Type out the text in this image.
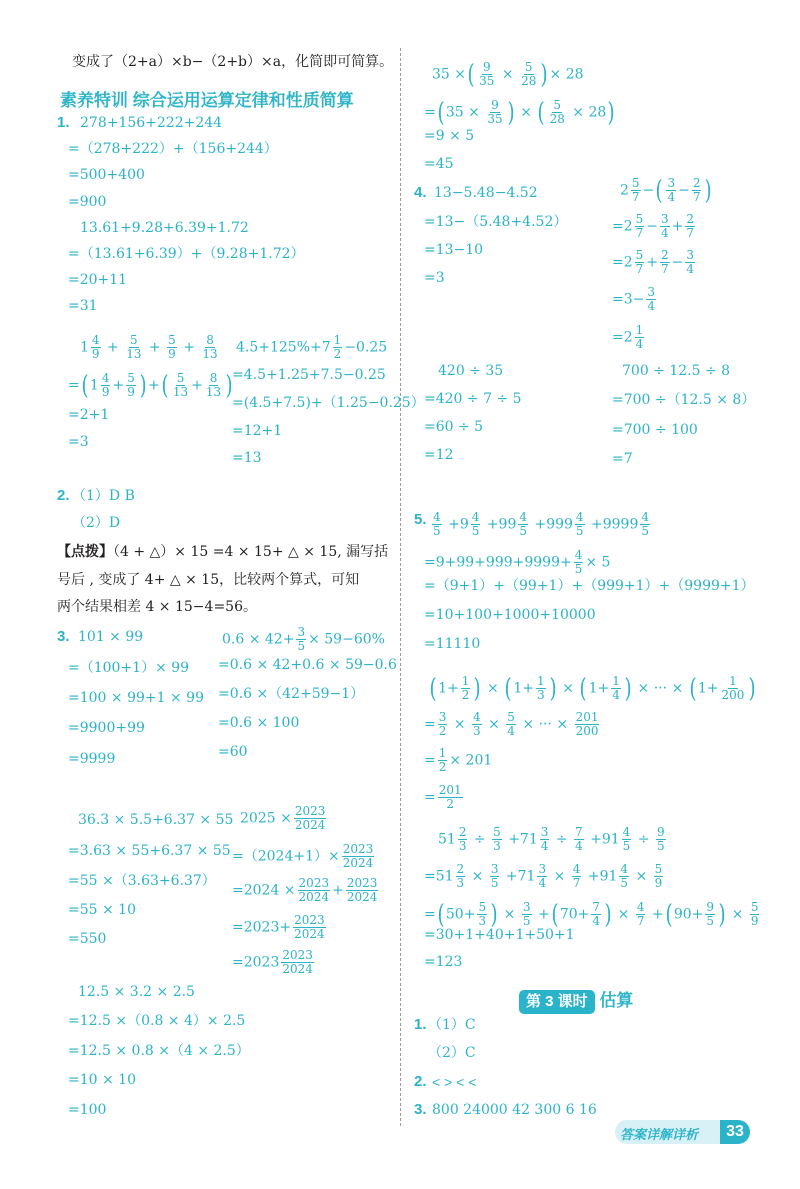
变成了（2+a）×b−（2+b）×a，化简即可简算。
素养特训 综合运用运算定律和性质简算
1. 278+156+222+244
=（278+222）+（156+244）
=500+400
=900
13.61+9.28+6.39+1.72
=（13.61+6.39）+（9.28+1.72）
=20+11
=31
$1 \frac{4}{9} + \frac{5}{13} + \frac{5}{9} + \frac{8}{13}$
=( $1 \frac{4}{9} + \frac{5}{9}$ ) +( $\frac{5}{13} + \frac{8}{13}$ )
=2+1
=3
$4.5+125\%+7 \frac{1}{2} -0.25$
=4.5+1.25+7.5−0.25
=(4.5+7.5)+（1.25−0.25）
=12+1
=13
2. （1）D B
（2）D
【点拨】（4 + △）× 15 =4 × 15+ △ × 15, 漏写括
号后 , 变成了 4+ △ × 15，比较两个算式，可知
两个结果相差 4 × 15−4=56。
3. 101 × 99
=（100+1）× 99
=100 × 99+1 × 99
=9900+99
=9999
$0.6 \times 42+ \frac{3}{5} \times 59-60\%$
=0.6 × 42+0.6 × 59−0.6
=0.6 ×（42+59−1）
=0.6 × 100
=60
36.3 × 5.5+6.37 × 55
=3.63 × 55+6.37 × 55
=55 ×（3.63+6.37）
=55 × 10
=550
$2025 \times \frac{2023}{2024}$
$=(2024+1)\times \frac{2023}{2024}$
$=2024 \times \frac{2023}{2024} + \frac{2023}{2024}$
$=2023+ \frac{2023}{2024}$
$=2023 \frac{2023}{2024}$
12.5 × 3.2 × 2.5
=12.5 ×（0.8 × 4）× 2.5
=12.5 × 0.8 ×（4 × 2.5）
=10 × 10
=100
35 ×( $\frac{9}{35} \times \frac{5}{28}$ ) × 28
=( $35 \times \frac{9}{35}$ ) × ( $\frac{5}{28} \times 28$)
=9 × 5
=45
4. 13−5.48−4.52
=13−（5.48+4.52）
=13−10
=3
$2 \frac{5}{7}$ −( $\frac{3}{4} - \frac{2}{7}$ )
$=2 \frac{5}{7} - \frac{3}{4} + \frac{2}{7}$
$=2 \frac{5}{7} + \frac{2}{7} - \frac{3}{4}$
$=3- \frac{3}{4}$
$=2 \frac{1}{4}$
420 ÷ 35
=420 ÷ 7 ÷ 5
=60 ÷ 5
=12
700 ÷ 12.5 ÷ 8
=700 ÷（12.5 × 8）
=700 ÷ 100
=7
5. $\frac{4}{5} +9 \frac{4}{5} +99 \frac{4}{5} +999 \frac{4}{5} +9999 \frac{4}{5}$
$=9+99+999+9999+ \frac{4}{5} \times 5$
=（9+1）+（99+1）+（999+1）+（9999+1）
=10+100+1000+10000
=11110
( $1+ \frac{1}{2}$ ) × ( $1+ \frac{1}{3}$ ) × ( $1+ \frac{1}{4}$ ) × ··· × ( $1+ \frac{1}{200}$ )
= $\frac{3}{2} \times \frac{4}{3} \times \frac{5}{4}$ × ··· × $\frac{201}{200}$
= $\frac{1}{2} \times 201$
= $\frac{201}{2}$
$51 \frac{2}{3} \div \frac{5}{3} +71 \frac{3}{4} \div \frac{7}{4} +91 \frac{4}{5} \div \frac{9}{5}$
$=51 \frac{2}{3} \times \frac{3}{5} +71 \frac{3}{4} \times \frac{4}{7} +91 \frac{4}{5} \times \frac{5}{9}$
=( $50+ \frac{5}{3}$ ) × $\frac{3}{5}$ +( $70+ \frac{7}{4}$ ) × $\frac{4}{7}$ +( $90+ \frac{9}{5}$ ) × $\frac{5}{9}$
=30+1+40+1+50+1
=123
第 3 课时 估算
1. （1）C
（2）C
2. < > < <
3. 800 24000 42 300 6 16
答案详解详析	33
